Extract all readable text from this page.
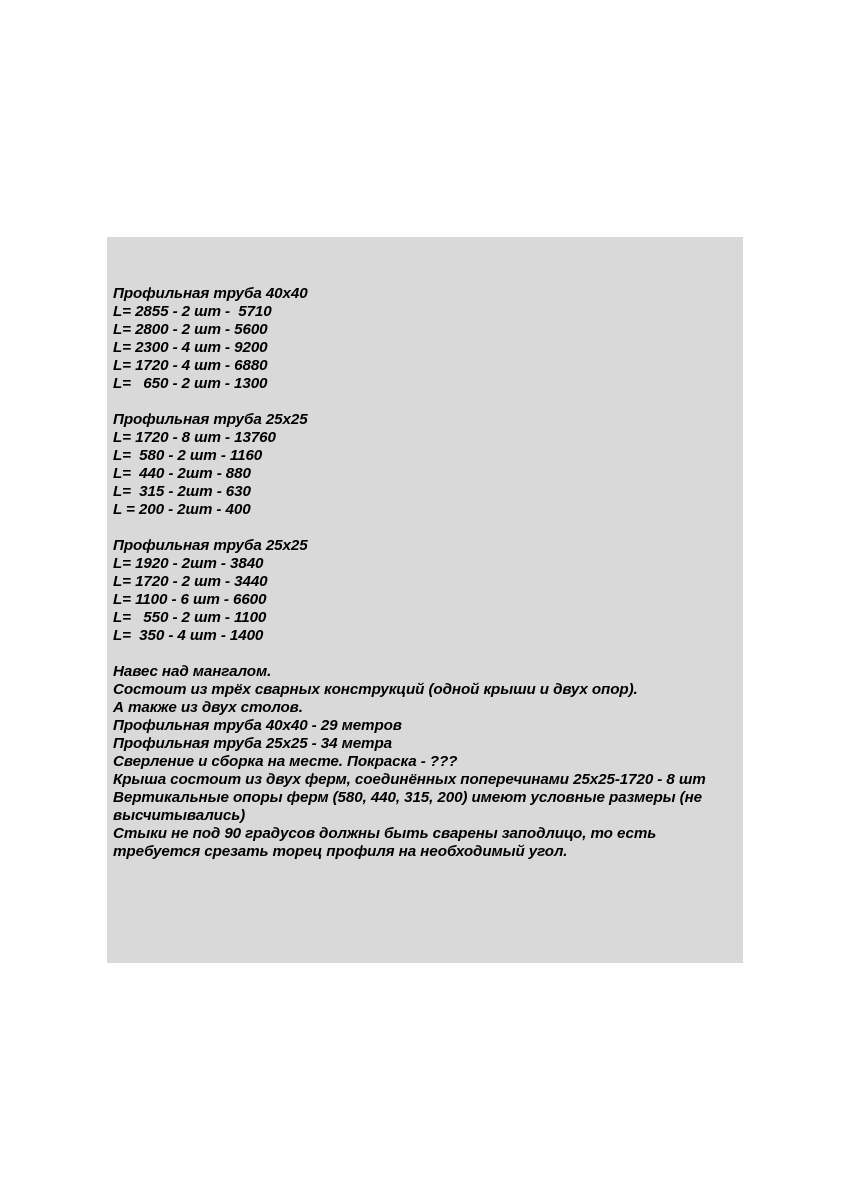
Профильная труба 40х40
L= 2855 - 2 шт -  5710
L= 2800 - 2 шт - 5600
L= 2300 - 4 шт - 9200
L= 1720 - 4 шт - 6880
L=   650 - 2 шт - 1300
Профильная труба 25х25
L= 1720 - 8 шт - 13760
L=  580 - 2 шт - 1160
L=  440 - 2шт - 880
L=  315 - 2шт - 630
L = 200 - 2шт - 400
Профильная труба 25х25
L= 1920 - 2шт - 3840
L= 1720 - 2 шт - 3440
L= 1100 - 6 шт - 6600
L=   550 - 2 шт - 1100
L=  350 - 4 шт - 1400
Навес над мангалом.
Состоит из трёх сварных конструкций (одной крыши и двух опор).
А также из двух столов.
Профильная труба 40х40 - 29 метров
Профильная труба 25х25 - 34 метра
Сверление и сборка на месте. Покраска - ???
Крыша состоит из двух ферм, соединённых поперечинами 25х25-1720 - 8 шт
Вертикальные опоры ферм (580, 440, 315, 200) имеют условные размеры (не высчитывались)
Стыки не под 90 градусов должны быть сварены заподлицо, то есть требуется срезать торец профиля на необходимый угол.
